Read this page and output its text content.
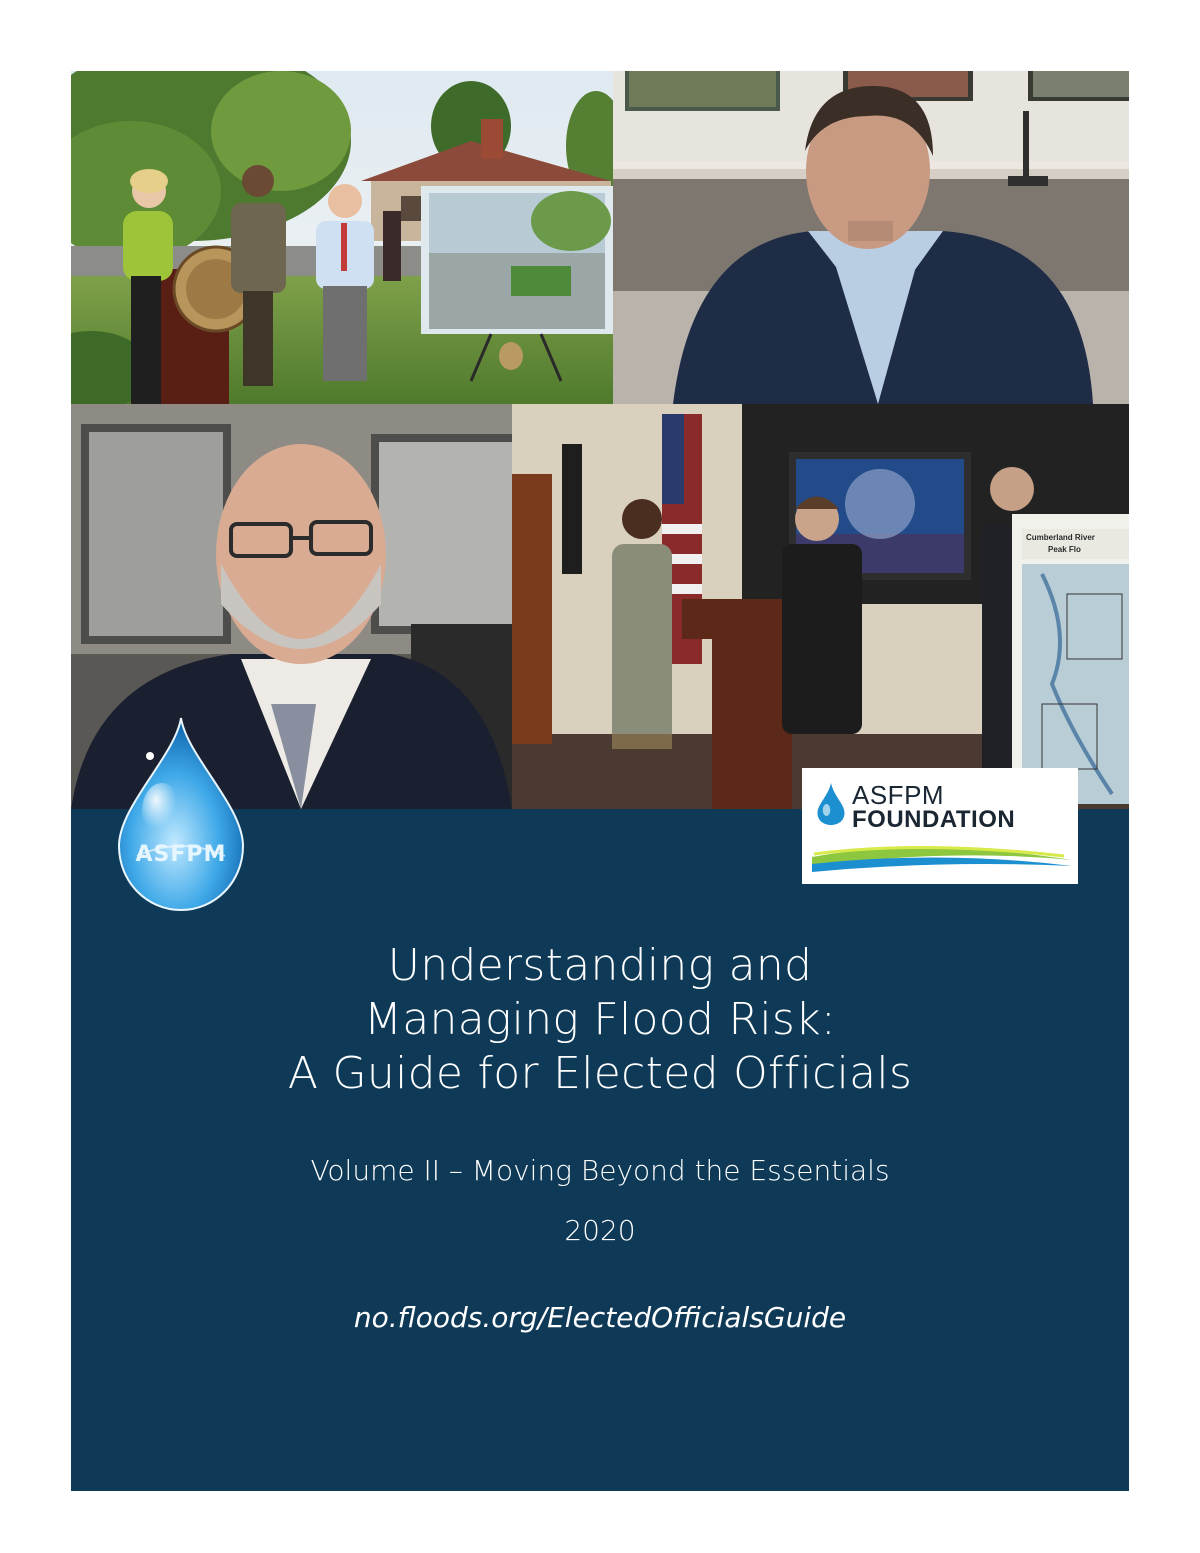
Cumberland River
Peak Flo
ASFPM
ASFPM
FOUNDATION
Understanding and
Managing Flood Risk:
A Guide for Elected Officials
Volume II – Moving Beyond the Essentials
2020
no.floods.org/ElectedOfficialsGuide
